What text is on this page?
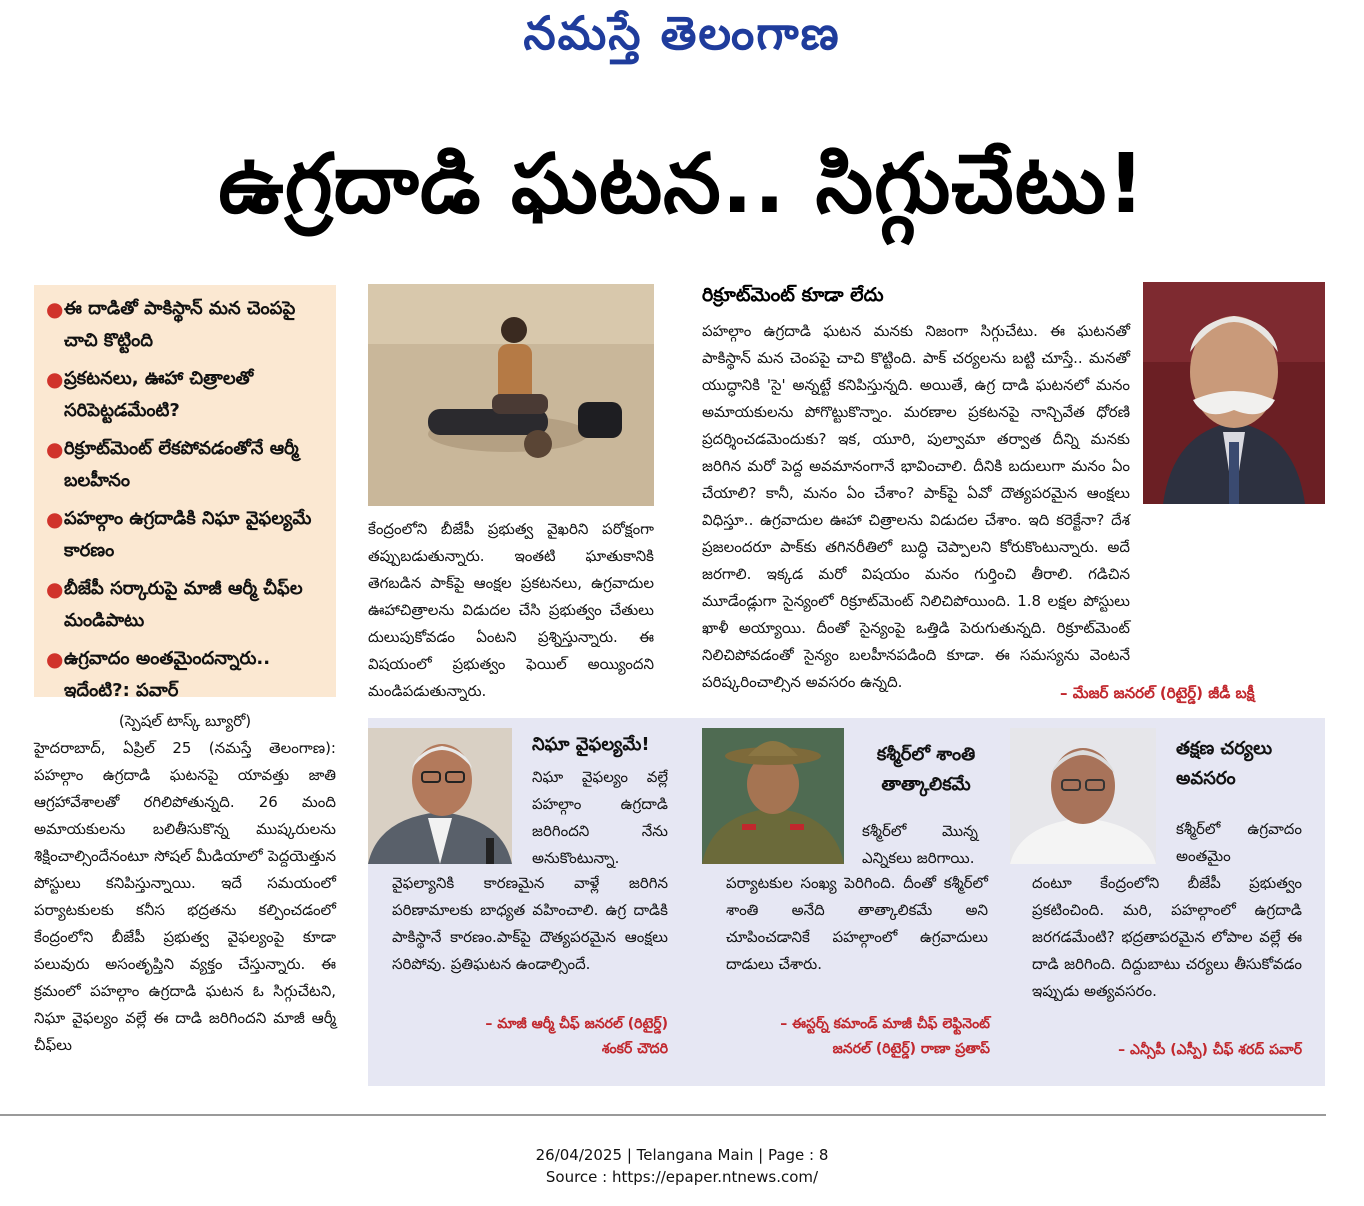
నమస్తే తెలంగాణ
ఉగ్రదాడి ఘటన.. సిగ్గుచేటు!
● ఈ దాడితో పాకిస్థాన్ మన చెంపపై చాచి కొట్టింది
● ప్రకటనలు, ఊహా చిత్రాలతో సరిపెట్టడమేంటి?
● రిక్రూట్‌మెంట్ లేకపోవడంతోనే ఆర్మీ బలహీనం
● పహల్గాం ఉగ్రదాడికి నిఘా వైఫల్యమే కారణం
● బీజేపీ సర్కారుపై మాజీ ఆర్మీ చీఫ్‌ల మండిపాటు
● ఉగ్రవాదం అంతమైందన్నారు.. ఇదేంటి?: పవార్
(స్పెషల్ టాస్క్ బ్యూరో)
హైదరాబాద్, ఏప్రిల్ 25 (నమస్తే తెలంగాణ): పహల్గాం ఉగ్రదాడి ఘటనపై యావత్తు జాతి ఆగ్రహావేశాలతో రగిలిపోతున్నది. 26 మంది అమాయకులను బలితీసుకొన్న ముష్కరులను శిక్షించాల్సిందేనంటూ సోషల్ మీడియాలో పెద్దయెత్తున పోస్టులు కనిపిస్తున్నాయి. ఇదే సమయంలో పర్యాటకులకు కనీస భద్రతను కల్పించడంలో కేంద్రంలోని బీజేపీ ప్రభుత్వ వైఫల్యంపై కూడా పలువురు అసంతృప్తిని వ్యక్తం చేస్తున్నారు. ఈ క్రమంలో పహల్గాం ఉగ్రదాడి ఘటన ఓ సిగ్గుచేటని, నిఘా వైఫల్యం వల్లే ఈ దాడి జరిగిందని మాజీ ఆర్మీ చీఫ్‌లు
కేంద్రంలోని బీజేపీ ప్రభుత్వ వైఖరిని పరోక్షంగా తప్పుబడుతున్నారు. ఇంతటి ఘాతుకానికి తెగబడిన పాక్‌పై ఆంక్షల ప్రకటనలు, ఉగ్రవాదుల ఊహాచిత్రాలను విడుదల చేసి ప్రభుత్వం చేతులు దులుపుకోవడం ఏంటని ప్రశ్నిస్తున్నారు. ఈ విషయంలో ప్రభుత్వం ఫెయిల్ అయ్యిందని మండిపడుతున్నారు.
రిక్రూట్‌మెంట్ కూడా లేదు
పహల్గాం ఉగ్రదాడి ఘటన మనకు నిజంగా సిగ్గుచేటు. ఈ ఘటనతో పాకిస్థాన్ మన చెంపపై చాచి కొట్టింది. పాక్ చర్యలను బట్టి చూస్తే.. మనతో యుద్ధానికి 'సై' అన్నట్టే కనిపిస్తున్నది. అయితే, ఉగ్ర దాడి ఘటనలో మనం అమాయకులను పోగొట్టుకొన్నాం. మరణాల ప్రకటనపై నాన్చివేత ధోరణి ప్రదర్శించడమెందుకు? ఇక, యూరి, పుల్వామా తర్వాత దీన్ని మనకు జరిగిన మరో పెద్ద అవమానంగానే భావించాలి. దీనికి బదులుగా మనం ఏం చేయాలి? కానీ, మనం ఏం చేశాం? పాక్‌పై ఏవో దౌత్యపరమైన ఆంక్షలు విధిస్తూ.. ఉగ్రవాదుల ఊహా చిత్రాలను విడుదల చేశాం. ఇది కరెక్టేనా? దేశ ప్రజలందరూ పాక్‌కు తగినరీతిలో బుద్ధి చెప్పాలని కోరుకొంటున్నారు. అదే జరగాలి. ఇక్కడ మరో విషయం మనం గుర్తించి తీరాలి. గడిచిన మూడేండ్లుగా సైన్యంలో రిక్రూట్‌మెంట్ నిలిచిపోయింది. 1.8 లక్షల పోస్టులు ఖాళీ అయ్యాయి. దీంతో సైన్యంపై ఒత్తిడి పెరుగుతున్నది. రిక్రూట్‌మెంట్ నిలిచిపోవడంతో సైన్యం బలహీనపడింది కూడా. ఈ సమస్యను వెంటనే పరిష్కరించాల్సిన అవసరం ఉన్నది.
– మేజర్ జనరల్ (రిటైర్డ్) జీడీ బక్షీ
నిఘా వైఫల్యమే!
నిఘా వైఫల్యం వల్లే పహల్గాం ఉగ్రదాడి జరిగిందని నేను అనుకొంటున్నా.
వైఫల్యానికి కారణమైన వాళ్లే జరిగిన పరిణామాలకు బాధ్యత వహించాలి. ఉగ్ర దాడికి పాకిస్థానే కారణం.పాక్‌పై దౌత్యపరమైన ఆంక్షలు సరిపోవు. ప్రతిఘటన ఉండాల్సిందే.
– మాజీ ఆర్మీ చీఫ్ జనరల్ (రిటైర్డ్)
శంకర్ చౌదరి
కశ్మీర్‌లో శాంతి తాత్కాలికమే
కశ్మీర్‌లో మొన్న ఎన్నికలు జరిగాయి.
పర్యాటకుల సంఖ్య పెరిగింది. దీంతో కశ్మీర్‌లో శాంతి అనేది తాత్కాలికమే అని చూపించడానికే పహల్గాంలో ఉగ్రవాదులు దాడులు చేశారు.
– ఈస్టర్న్ కమాండ్ మాజీ చీఫ్ లెఫ్టినెంట్
జనరల్ (రిటైర్డ్) రాణా ప్రతాప్
తక్షణ చర్యలు అవసరం
కశ్మీర్‌లో ఉగ్రవాదం అంతమైం
దంటూ కేంద్రంలోని బీజేపీ ప్రభుత్వం ప్రకటించింది. మరి, పహల్గాంలో ఉగ్రదాడి జరగడమేంటి? భద్రతాపరమైన లోపాల వల్లే ఈ దాడి జరిగింది. దిద్దుబాటు చర్యలు తీసుకోవడం ఇప్పుడు అత్యవసరం.
– ఎన్సీపీ (ఎస్పీ) చీఫ్ శరద్ పవార్
26/04/2025 | Telangana Main | Page : 8
Source : https://epaper.ntnews.com/
